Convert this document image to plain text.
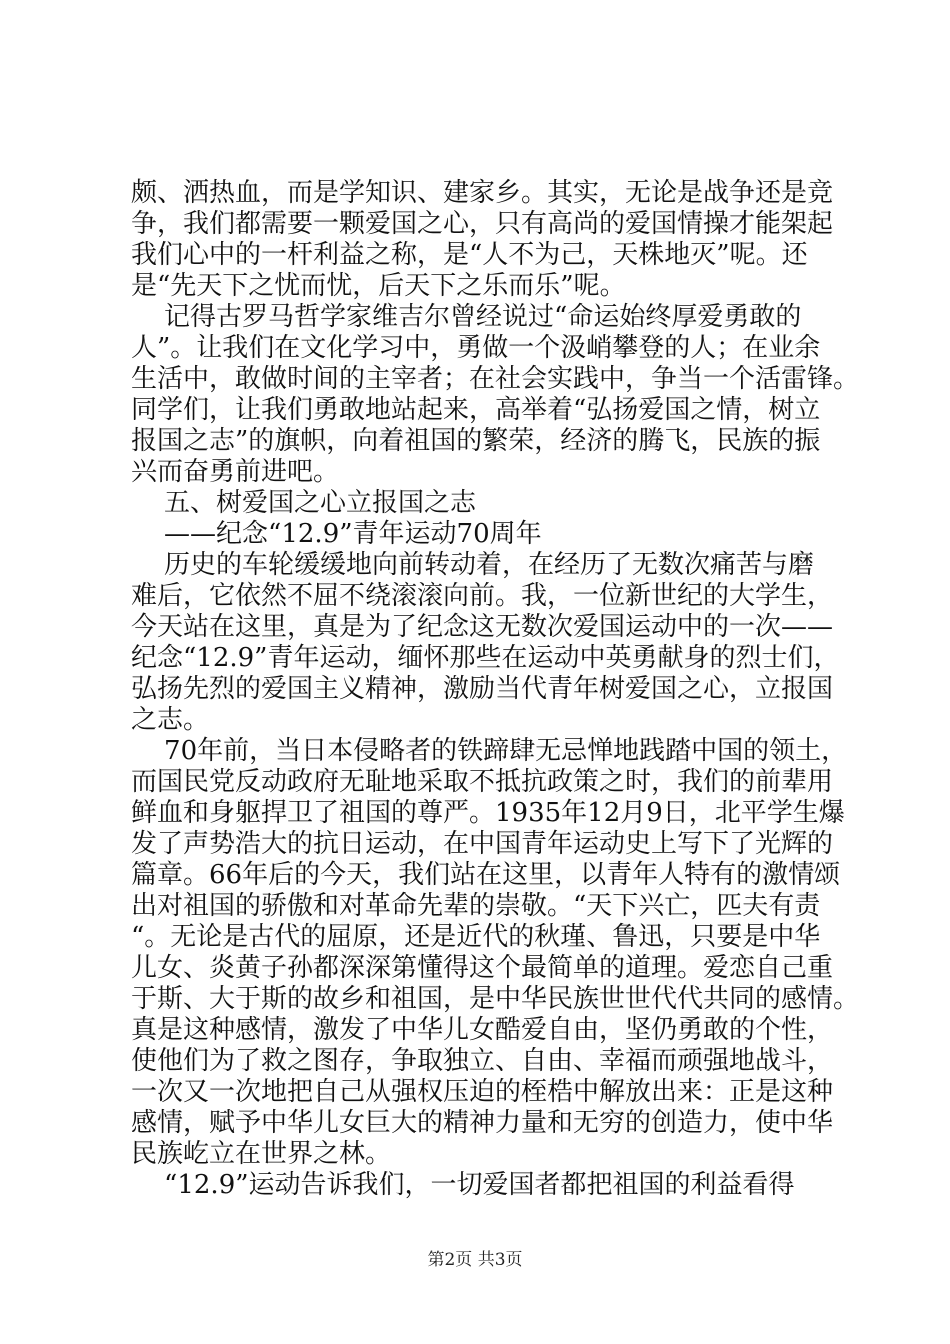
颇、洒热血，而是学知识、建家乡。其实，无论是战争还是竞
争，我们都需要一颗爱国之心，只有高尚的爱国情操才能架起
我们心中的一杆利益之称，是“人不为己，天株地灭”呢。还
是“先天下之忧而忧，后天下之乐而乐”呢。
记得古罗马哲学家维吉尔曾经说过“命运始终厚爱勇敢的
人”。让我们在文化学习中，勇做一个汲峭攀登的人；在业余
生活中，敢做时间的主宰者；在社会实践中，争当一个活雷锋。
同学们，让我们勇敢地站起来，高举着“弘扬爱国之情，树立
报国之志”的旗帜，向着祖国的繁荣，经济的腾飞，民族的振
兴而奋勇前进吧。
五、树爱国之心立报国之志
——纪念“12.9”青年运动70周年
历史的车轮缓缓地向前转动着，在经历了无数次痛苦与磨
难后，它依然不屈不绕滚滚向前。我，一位新世纪的大学生，
今天站在这里，真是为了纪念这无数次爱国运动中的一次——
纪念“12.9”青年运动，缅怀那些在运动中英勇献身的烈士们，
弘扬先烈的爱国主义精神，激励当代青年树爱国之心，立报国
之志。
70年前，当日本侵略者的铁蹄肆无忌惮地践踏中国的领土，
而国民党反动政府无耻地采取不抵抗政策之时，我们的前辈用
鲜血和身躯捍卫了祖国的尊严。1935年12月9日，北平学生爆
发了声势浩大的抗日运动，在中国青年运动史上写下了光辉的
篇章。66年后的今天，我们站在这里，以青年人特有的激情颂
出对祖国的骄傲和对革命先辈的崇敬。“天下兴亡，匹夫有责
“。无论是古代的屈原，还是近代的秋瑾、鲁迅，只要是中华
儿女、炎黄子孙都深深第懂得这个最简单的道理。爱恋自己重
于斯、大于斯的故乡和祖国，是中华民族世世代代共同的感情。
真是这种感情，激发了中华儿女酷爱自由，坚仍勇敢的个性，
使他们为了救之图存，争取独立、自由、幸福而顽强地战斗，
一次又一次地把自己从强权压迫的桎梏中解放出来：正是这种
感情，赋予中华儿女巨大的精神力量和无穷的创造力，使中华
民族屹立在世界之林。
“12.9”运动告诉我们，一切爱国者都把祖国的利益看得
第2页 共3页
